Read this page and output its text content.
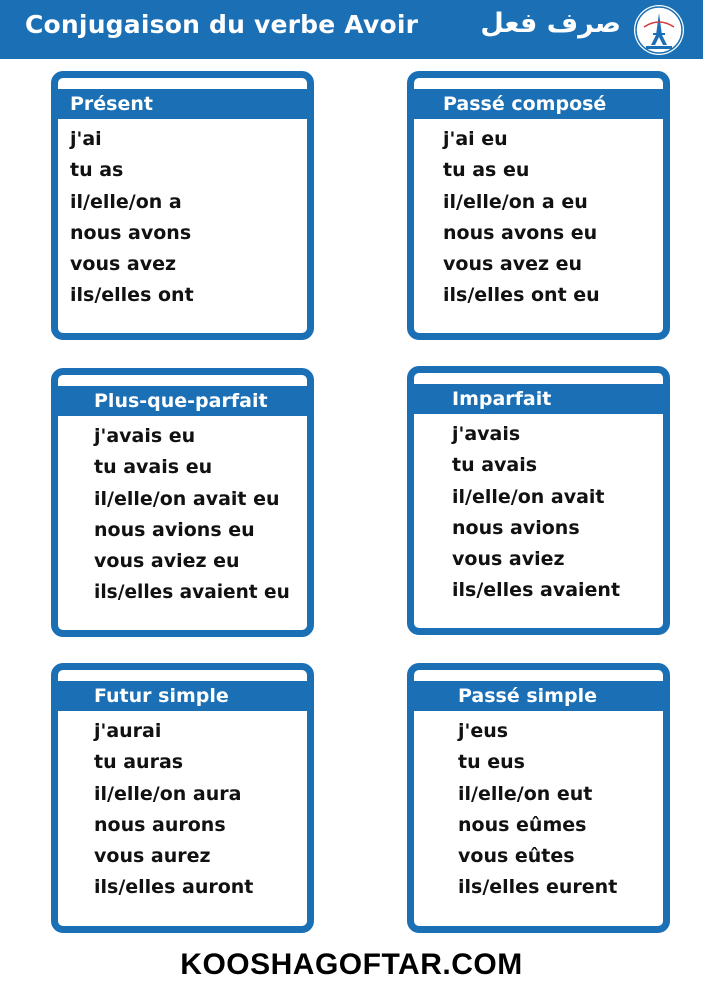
Conjugaison du verbe Avoir صرف فعل
Présent
j'ai
tu as
il/elle/on a
nous avons
vous avez
ils/elles ont
Passé composé
j'ai eu
tu as eu
il/elle/on a eu
nous avons eu
vous avez eu
ils/elles ont eu
Plus-que-parfait
j'avais eu
tu avais eu
il/elle/on avait eu
nous avions eu
vous aviez eu
ils/elles avaient eu
Imparfait
j'avais
tu avais
il/elle/on avait
nous avions
vous aviez
ils/elles avaient
Futur simple
j'aurai
tu auras
il/elle/on aura
nous aurons
vous aurez
ils/elles auront
Passé simple
j'eus
tu eus
il/elle/on eut
nous eûmes
vous eûtes
ils/elles eurent
KOOSHAGOFTAR.COM
